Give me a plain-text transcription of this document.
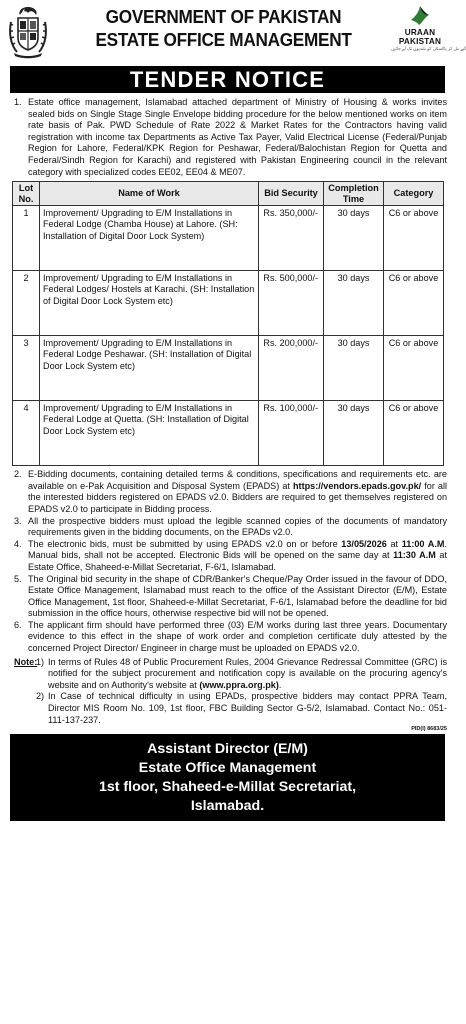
GOVERNMENT OF PAKISTAN
ESTATE OFFICE MANAGEMENT	URAAN
PAKISTAN
آئیے مل کر پاکستان کو بلندیوں تک لے جائیں
TENDER NOTICE
1. Estate office management, Islamabad attached department of Ministry of Housing & works invites sealed bids on Single Stage Single Envelope bidding procedure for the below mentioned works on item rate basis of Pak. PWD Schedule of Rate 2022 & Market Rates for the Contractors having valid registration with income tax Departments as Active Tax Payer, Valid Electrical License (Federal/Punjab Region for Lahore, Federal/KPK Region for Peshawar, Federal/Balochistan Region for Quetta and Federal/Sindh Region for Karachi) and registered with Pakistan Engineering council in the relevant category with specialized codes EE02, EE04 & ME07.
Lot No.	Name of Work	Bid Security	Completion Time	Category
1	Improvement/ Upgrading to E/M Installations in Federal Lodge (Chamba House) at Lahore. (SH: Installation of Digital Door Lock System)	Rs. 350,000/-	30 days	C6 or above
2	Improvement/ Upgrading to E/M Installations in Federal Lodges/ Hostels at Karachi. (SH: Installation of Digital Door Lock System etc)	Rs. 500,000/-	30 days	C6 or above
3	Improvement/ Upgrading to E/M Installations in Federal Lodge Peshawar. (SH: Installation of Digital Door Lock System etc)	Rs. 200,000/-	30 days	C6 or above
4	Improvement/ Upgrading to E/M Installations in Federal Lodge at Quetta. (SH: Installation of Digital Door Lock System etc)	Rs. 100,000/-	30 days	C6 or above
2. E-Bidding documents, containing detailed terms & conditions, specifications and requirements etc. are available on e-Pak Acquisition and Disposal System (EPADS) at https://vendors.epads.gov.pk/ for all the interested bidders registered on EPADS v2.0. Bidders are required to get themselves registered on EPADS v2.0 to participate in Bidding process.
3. All the prospective bidders must upload the legible scanned copies of the documents of mandatory requirements given in the bidding documents, on the EPADs v2.0.
4. The electronic bids, must be submitted by using EPADS v2.0 on or before 13/05/2026 at 11:00 A.M. Manual bids, shall not be accepted. Electronic Bids will be opened on the same day at 11:30 A.M at Estate Office, Shaheed-e-Millat Secretariat, F-6/1, Islamabad.
5. The Original bid security in the shape of CDR/Banker's Cheque/Pay Order issued in the favour of DDO, Estate Office Management, Islamabad must reach to the office of the Assistant Director (E/M), Estate Office Management, 1st floor, Shaheed-e-Millat Secretariat, F-6/1, Islamabad before the deadline for bid submission in the office hours, otherwise respective bid will not be opened.
6. The applicant firm should have performed three (03) E/M works during last three years. Documentary evidence to this effect in the shape of work order and completion certificate duly attested by the concerned Project Director/ Engineer in charge must be uploaded on EPADS v2.0.
Note:
1) In terms of Rules 48 of Public Procurement Rules, 2004 Grievance Redressal Committee (GRC) is notified for the subject procurement and notification copy is available on the procuring agency's website and on Authority's website at (www.ppra.org.pk).
2) In Case of technical difficulty in using EPADs, prospective bidders may contact PPRA Team, Director MIS Room No. 109, 1st floor, FBC Building Sector G-5/2, Islamabad. Contact No.: 051-111-137-237.
PID(I) 8683/25
Assistant Director (E/M)
Estate Office Management
1st floor, Shaheed-e-Millat Secretariat,
Islamabad.
